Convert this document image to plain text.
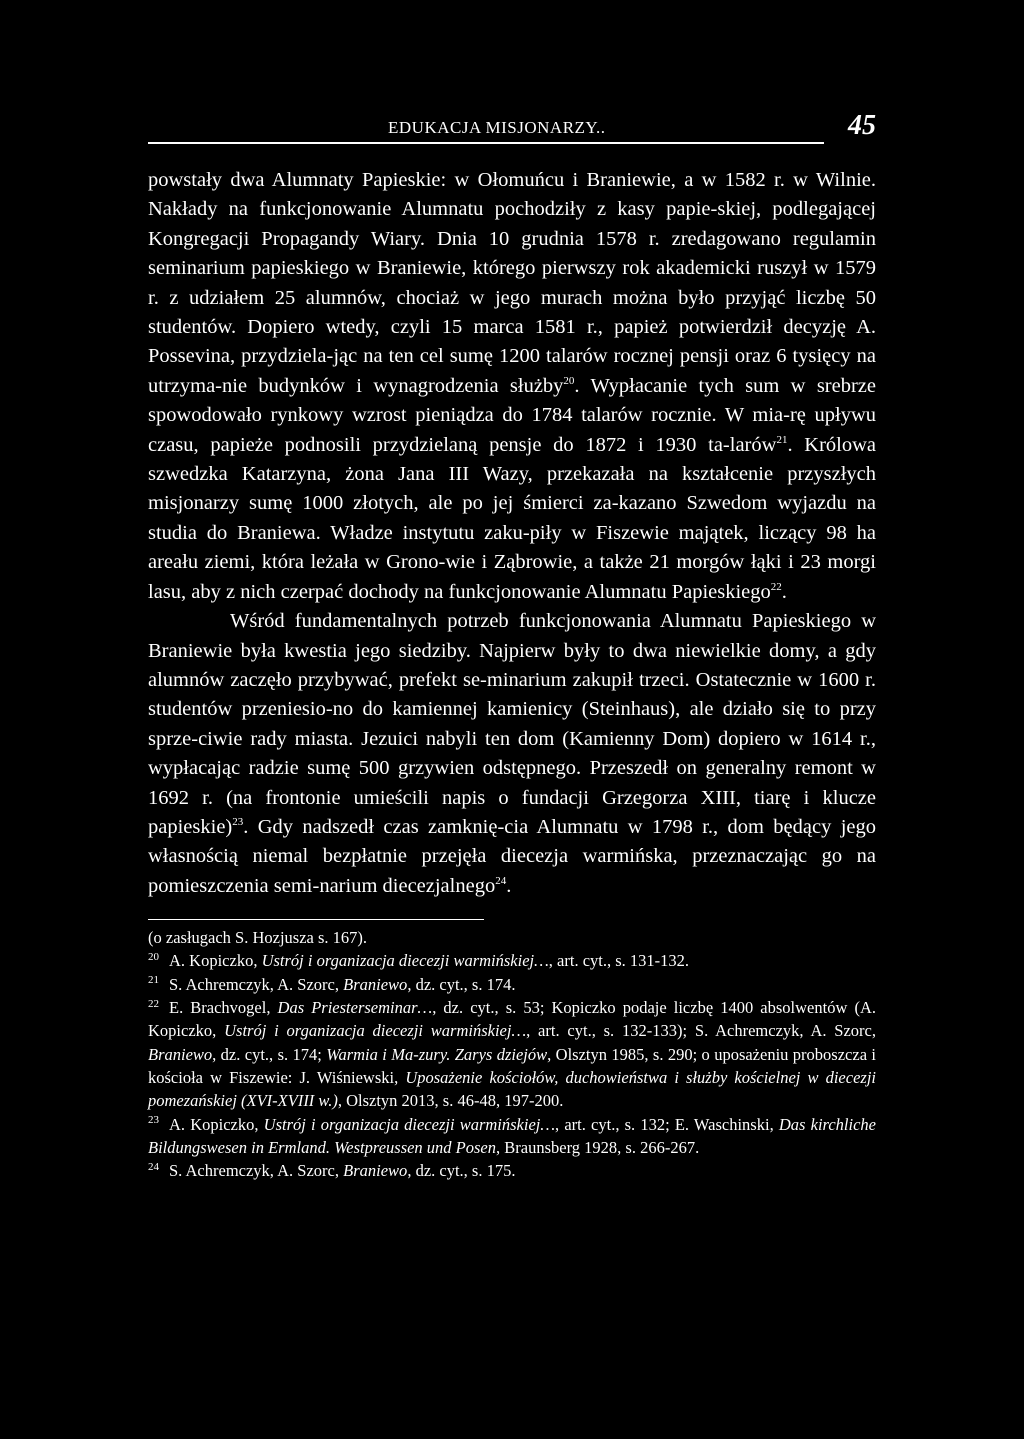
EDUKACJA MISJONARZY..	45

powstały dwa Alumnaty Papieskie: w Ołomuńcu i Braniewie, a w 1582 r. w Wilnie. Nakłady na funkcjonowanie Alumnatu pochodziły z kasy papie-skiej, podlegającej Kongregacji Propagandy Wiary. Dnia 10 grudnia 1578 r. zredagowano regulamin seminarium papieskiego w Braniewie, którego pierwszy rok akademicki ruszył w 1579 r. z udziałem 25 alumnów, chociaż w jego murach można było przyjąć liczbę 50 studentów. Dopiero wtedy, czyli 15 marca 1581 r., papież potwierdził decyzję A. Possevina, przydziela-jąc na ten cel sumę 1200 talarów rocznej pensji oraz 6 tysięcy na utrzyma-nie budynków i wynagrodzenia służby$^{20}$. Wypłacanie tych sum w srebrze spowodowało rynkowy wzrost pieniądza do 1784 talarów rocznie. W mia-rę upływu czasu, papieże podnosili przydzielaną pensje do 1872 i 1930 ta-larów$^{21}$. Królowa szwedzka Katarzyna, żona Jana III Wazy, przekazała na kształcenie przyszłych misjonarzy sumę 1000 złotych, ale po jej śmierci za-kazano Szwedom wyjazdu na studia do Braniewa. Władze instytutu zaku-piły w Fiszewie majątek, liczący 98 ha areału ziemi, która leżała w Grono-wie i Ząbrowie, a także 21 morgów łąki i 23 morgi lasu, aby z nich czerpać dochody na funkcjonowanie Alumnatu Papieskiego$^{22}$.

Wśród fundamentalnych potrzeb funkcjonowania Alumnatu Papieskiego w Braniewie była kwestia jego siedziby. Najpierw były to dwa niewielkie domy, a gdy alumnów zaczęło przybywać, prefekt se-minarium zakupił trzeci. Ostatecznie w 1600 r. studentów przeniesio-no do kamiennej kamienicy (Steinhaus), ale działo się to przy sprze-ciwie rady miasta. Jezuici nabyli ten dom (Kamienny Dom) dopiero w 1614 r., wypłacając radzie sumę 500 grzywien odstępnego. Przeszedł on generalny remont w 1692 r. (na frontonie umieścili napis o fundacji Grzegorza XIII, tiarę i klucze papieskie)$^{23}$. Gdy nadszedł czas zamknię-cia Alumnatu w 1798 r., dom będący jego własnością niemal bezpłatnie przejęła diecezja warmińska, przeznaczając go na pomieszczenia semi-narium diecezjalnego$^{24}$.

(o zasługach S. Hozjusza s. 167).

$^{20}$ A. Kopiczko, Ustrój i organizacja diecezji warmińskiej…, art. cyt., s. 131-132.

$^{21}$ S. Achremczyk, A. Szorc, Braniewo, dz. cyt., s. 174.

$^{22}$ E. Brachvogel, Das Priesterseminar…, dz. cyt., s. 53; Kopiczko podaje liczbę 1400 absolwentów (A. Kopiczko, Ustrój i organizacja diecezji warmińskiej…, art. cyt., s. 132-133); S. Achremczyk, A. Szorc, Braniewo, dz. cyt., s. 174; Warmia i Ma-zury. Zarys dziejów, Olsztyn 1985, s. 290; o uposażeniu proboszcza i kościoła w Fiszewie: J. Wiśniewski, Uposażenie kościołów, duchowieństwa i służby kościelnej w diecezji pomezańskiej (XVI-XVIII w.), Olsztyn 2013, s. 46-48, 197-200.

$^{23}$ A. Kopiczko, Ustrój i organizacja diecezji warmińskiej…, art. cyt., s. 132; E. Waschinski, Das kirchliche Bildungswesen in Ermland. Westpreussen und Posen, Braunsberg 1928, s. 266-267.

$^{24}$ S. Achremczyk, A. Szorc, Braniewo, dz. cyt., s. 175.
